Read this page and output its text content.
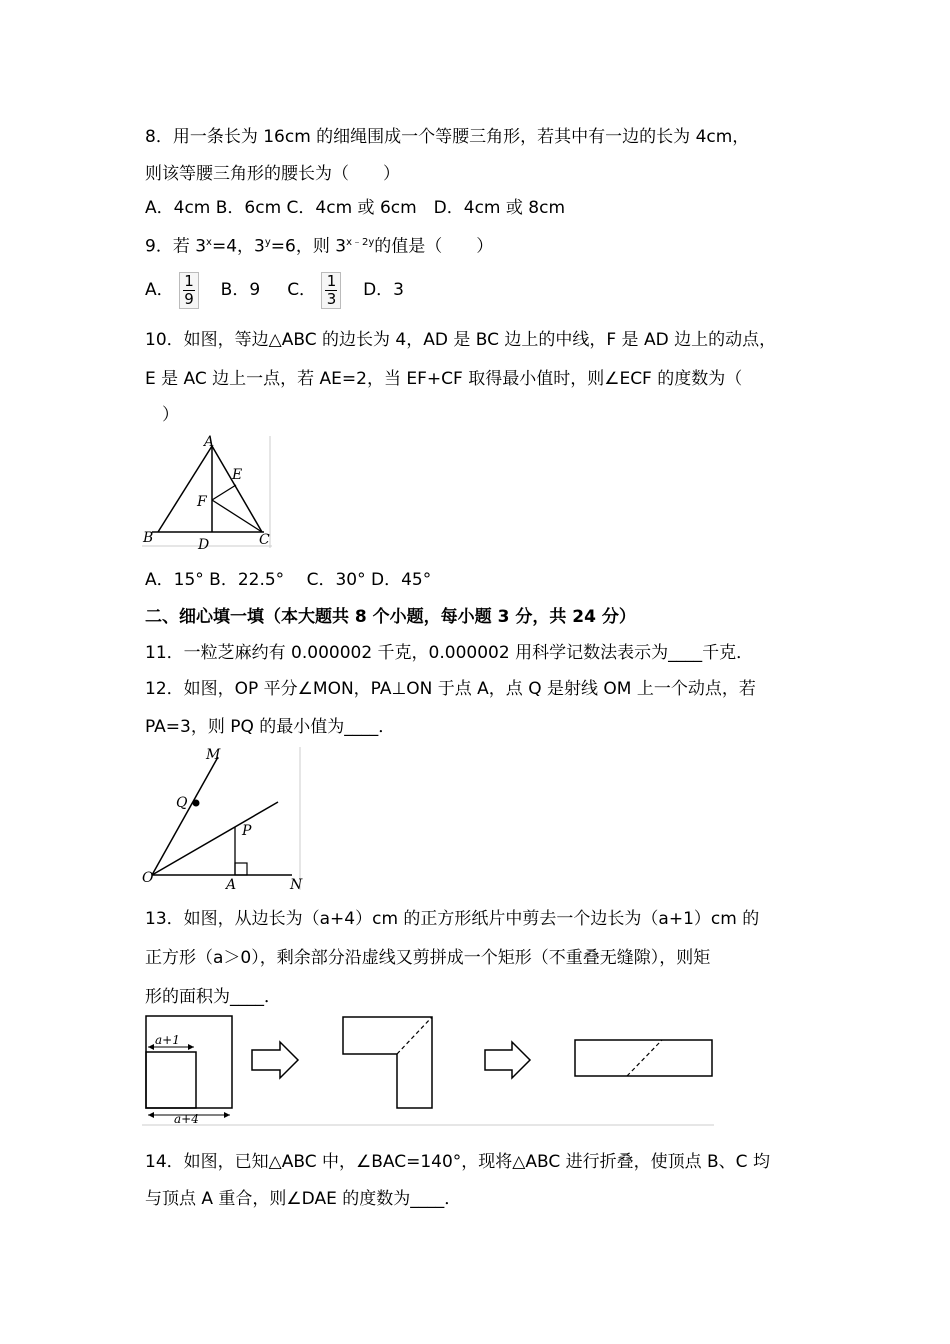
8．用一条长为 16cm 的细绳围成一个等腰三角形，若其中有一边的长为 4cm，
则该等腰三角形的腰长为（　　）
A．4cm B．6cm C．4cm 或 6cm　D．4cm 或 8cm
9．若 $3^x=4$，$3^y=6$，则 $3^{x﹣2y}$的值是（　　）
A． $\frac{1}{9}$ B．9 C． $\frac{1}{3}$ D．3
10．如图，等边△ABC 的边长为 4，AD 是 BC 边上的中线，F 是 AD 边上的动点，
E 是 AC 边上一点，若 AE=2，当 EF+CF 取得最小值时，则∠ECF 的度数为（
　）
A
E
F
B	D	C
A．15° B．22.5°　 C．30° D．45°
二、细心填一填（本大题共 8 个小题，每小题 3 分，共 24 分）
11．一粒芝麻约有 0.000002 千克，0.000002 用科学记数法表示为____千克．
12．如图，OP 平分∠MON，PA⊥ON 于点 A，点 Q 是射线 OM 上一个动点，若
PA=3，则 PQ 的最小值为____．
M
Q
P
O	A	N
13．如图，从边长为（a+4）cm 的正方形纸片中剪去一个边长为（a+1）cm 的
正方形（a＞0），剩余部分沿虚线又剪拼成一个矩形（不重叠无缝隙），则矩
形的面积为____．
a+1
a+4
14．如图，已知△ABC 中，∠BAC=140°，现将△ABC 进行折叠，使顶点 B、C 均
与顶点 A 重合，则∠DAE 的度数为____．
